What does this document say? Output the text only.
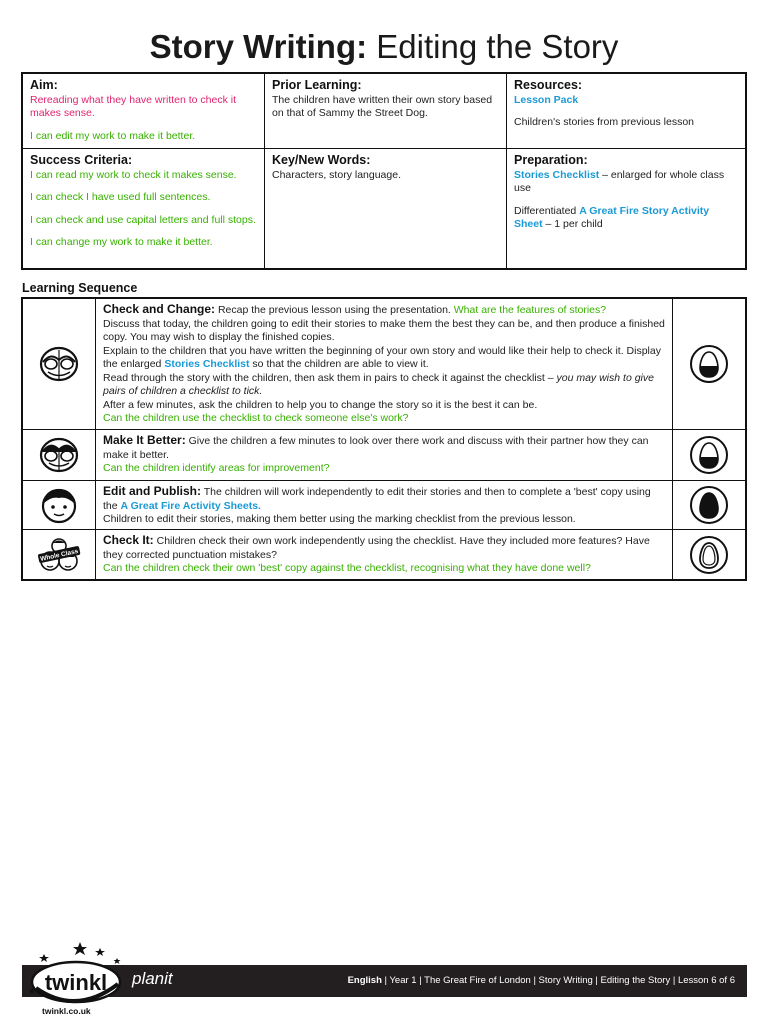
Story Writing: Editing the Story
Aim:
Rereading what they have written to check it makes sense.
I can edit my work to make it better.
Prior Learning:
The children have written their own story based on that of Sammy the Street Dog.
Resources:
Lesson Pack
Children's stories from previous lesson
Success Criteria:
I can read my work to check it makes sense.
I can check I have used full sentences.
I can check and use capital letters and full stops.
I can change my work to make it better.
Key/New Words:
Characters, story language.
Preparation:
Stories Checklist – enlarged for whole class use
Differentiated A Great Fire Story Activity Sheet – 1 per child
Learning Sequence
Check and Change: Recap the previous lesson using the presentation. What are the features of stories?
Discuss that today, the children going to edit their stories to make them the best they can be, and then produce a finished copy. You may wish to display the finished copies.
Explain to the children that you have written the beginning of your own story and would like their help to check it. Display the enlarged Stories Checklist so that the children are able to view it.
Read through the story with the children, then ask them in pairs to check it against the checklist – you may wish to give pairs of children a checklist to tick.
After a few minutes, ask the children to help you to change the story so it is the best it can be.
Can the children use the checklist to check someone else's work?
Make It Better: Give the children a few minutes to look over there work and discuss with their partner how they can make it better.
Can the children identify areas for improvement?
Edit and Publish: The children will work independently to edit their stories and then to complete a 'best' copy using the A Great Fire Activity Sheets.
Children to edit their stories, making them better using the marking checklist from the previous lesson.
Whole Class
Check It: Children check their own work independently using the checklist. Have they included more features? Have they corrected punctuation mistakes?
Can the children check their own 'best' copy against the checklist, recognising what they have done well?
twinkl planit
twinkl.co.uk
English | Year 1 | The Great Fire of London | Story Writing | Editing the Story | Lesson 6 of 6
